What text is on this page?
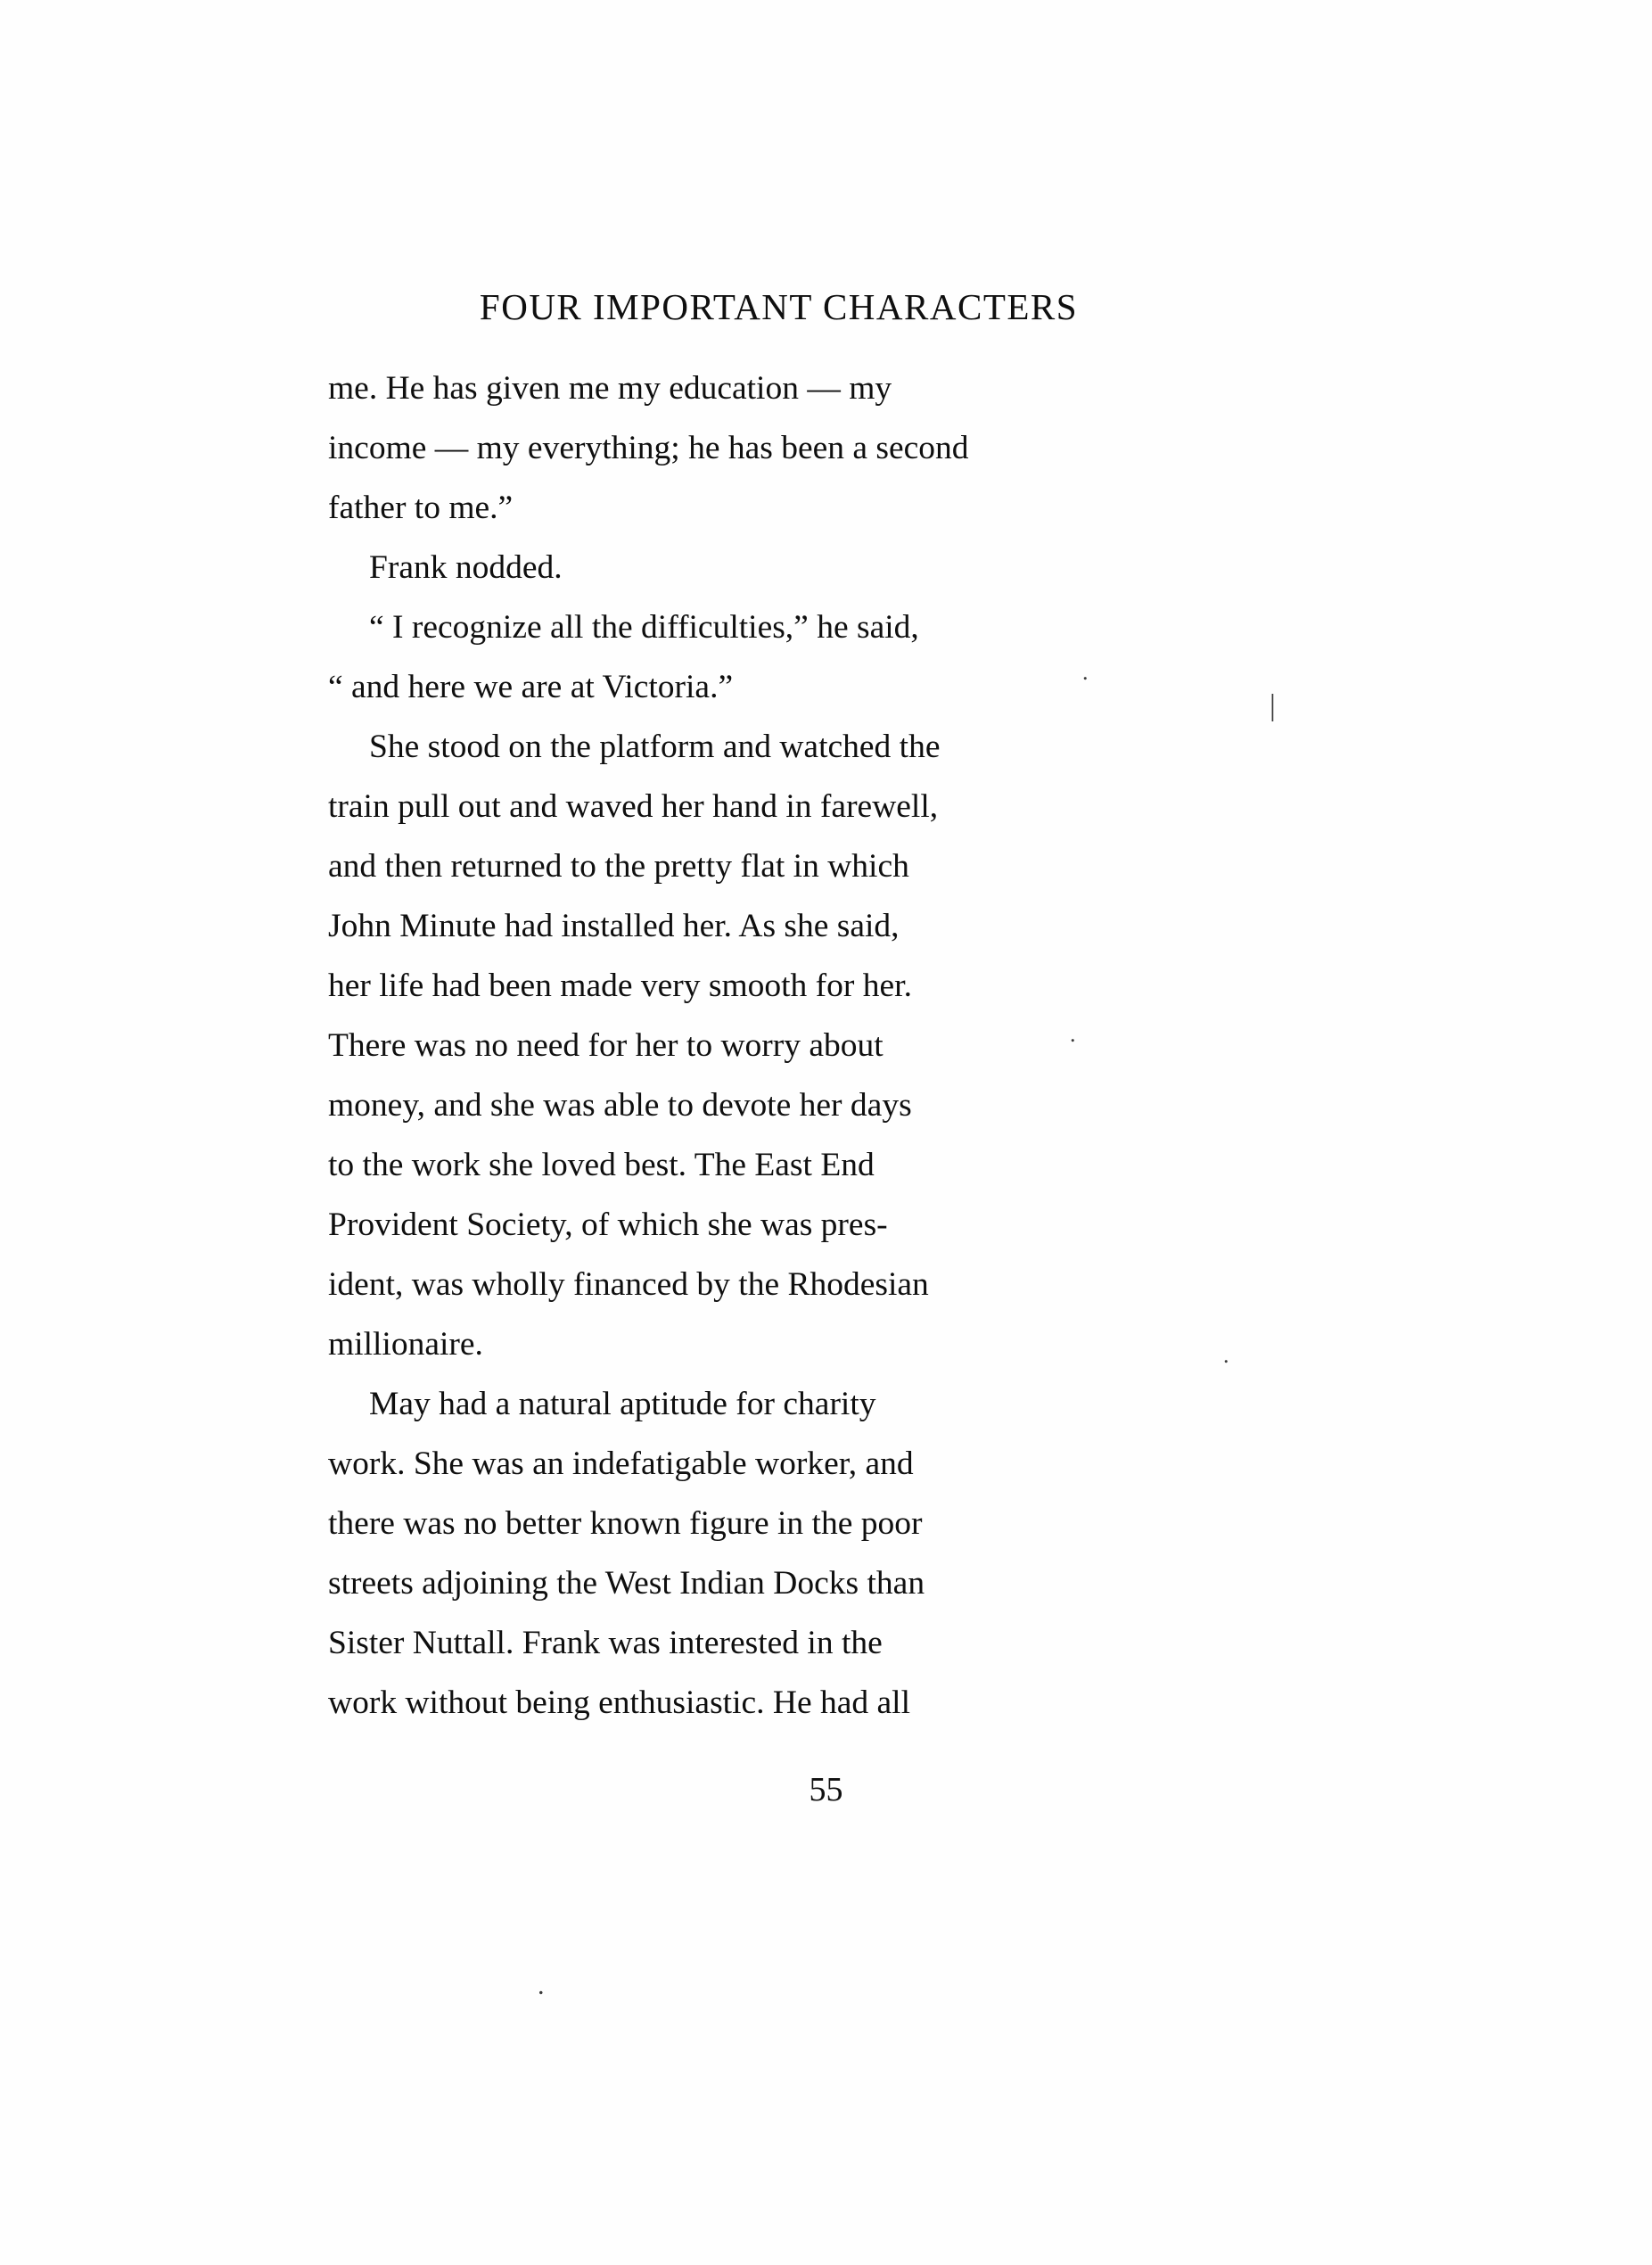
FOUR IMPORTANT CHARACTERS

me. He has given me my education — my
income — my everything; he has been a second
father to me.”

Frank nodded.

“ I recognize all the difficulties,” he said,
“ and here we are at Victoria.”

She stood on the platform and watched the
train pull out and waved her hand in farewell,
and then returned to the pretty flat in which
John Minute had installed her. As she said,
her life had been made very smooth for her.
There was no need for her to worry about
money, and she was able to devote her days
to the work she loved best. The East End
Provident Society, of which she was pres-
ident, was wholly financed by the Rhodesian
millionaire.

May had a natural aptitude for charity
work. She was an indefatigable worker, and
there was no better known figure in the poor
streets adjoining the West Indian Docks than
Sister Nuttall. Frank was interested in the
work without being enthusiastic. He had all

55
|
.
.
.
.
